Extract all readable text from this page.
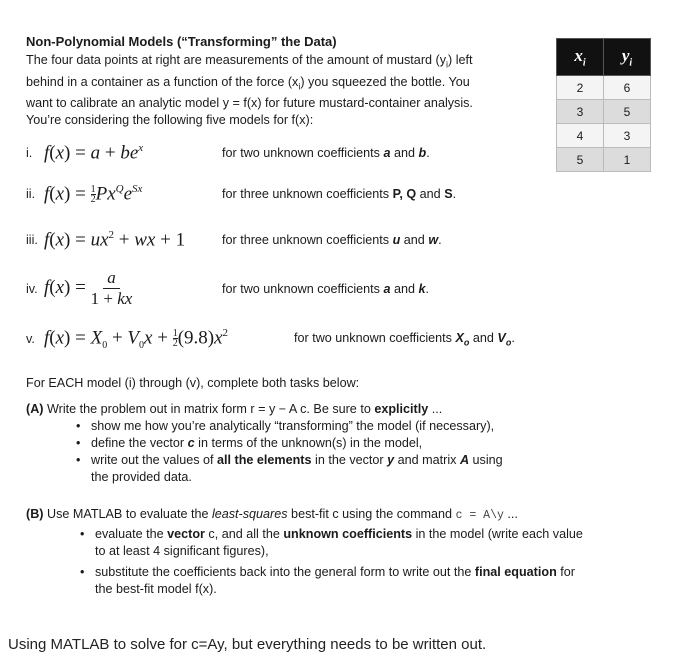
Non-Polynomial Models (“Transforming” the Data)

The four data points at right are measurements of the amount of mustard $(y_i)$ left

behind in a container as a function of the force $(x_i)$ you squeezed the bottle. You

want to calibrate an analytic model y = f(x) for future mustard-container analysis.

You’re considering the following five models for f(x):

$x_i$	$y_i$
2	6
3	5
4	3
5	1
i. $f(x) = a + be^x$	for two unknown coefficients a and b.
ii. $f(x) = \frac{1}{2} Px^Qe^{Sx}$	for three unknown coefficients P, Q and S.
iii. $f(x) = ux^2$ + wx + 1	for three unknown coefficients u and w.
iv. $f(x) = \frac{a}{1 + kx}$	for two unknown coefficients a and k.
v. $f(x) = X_0 + V_0x + \frac{1}{2} (9.8)x^2$	for two unknown coefficients $X_o$ and $V_o$.
For EACH model (i) through (v), complete both tasks below:
(A) Write the problem out in matrix form r = y − A c. Be sure to explicitly ...
• show me how you’re analytically “transforming” the model (if necessary),
• define the vector c in terms of the unknown(s) in the model,
• write out the values of all the elements in the vector y and matrix A using
the provided data.
(B) Use MATLAB to evaluate the least-squares best-fit c using the command c = A\y ...
• evaluate the vector c, and all the unknown coefficients in the model (write each value
to at least 4 significant figures),
• substitute the coefficients back into the general form to write out the final equation for
the best-fit model f(x).
Using MATLAB to solve for c=Ay, but everything needs to be written out.
